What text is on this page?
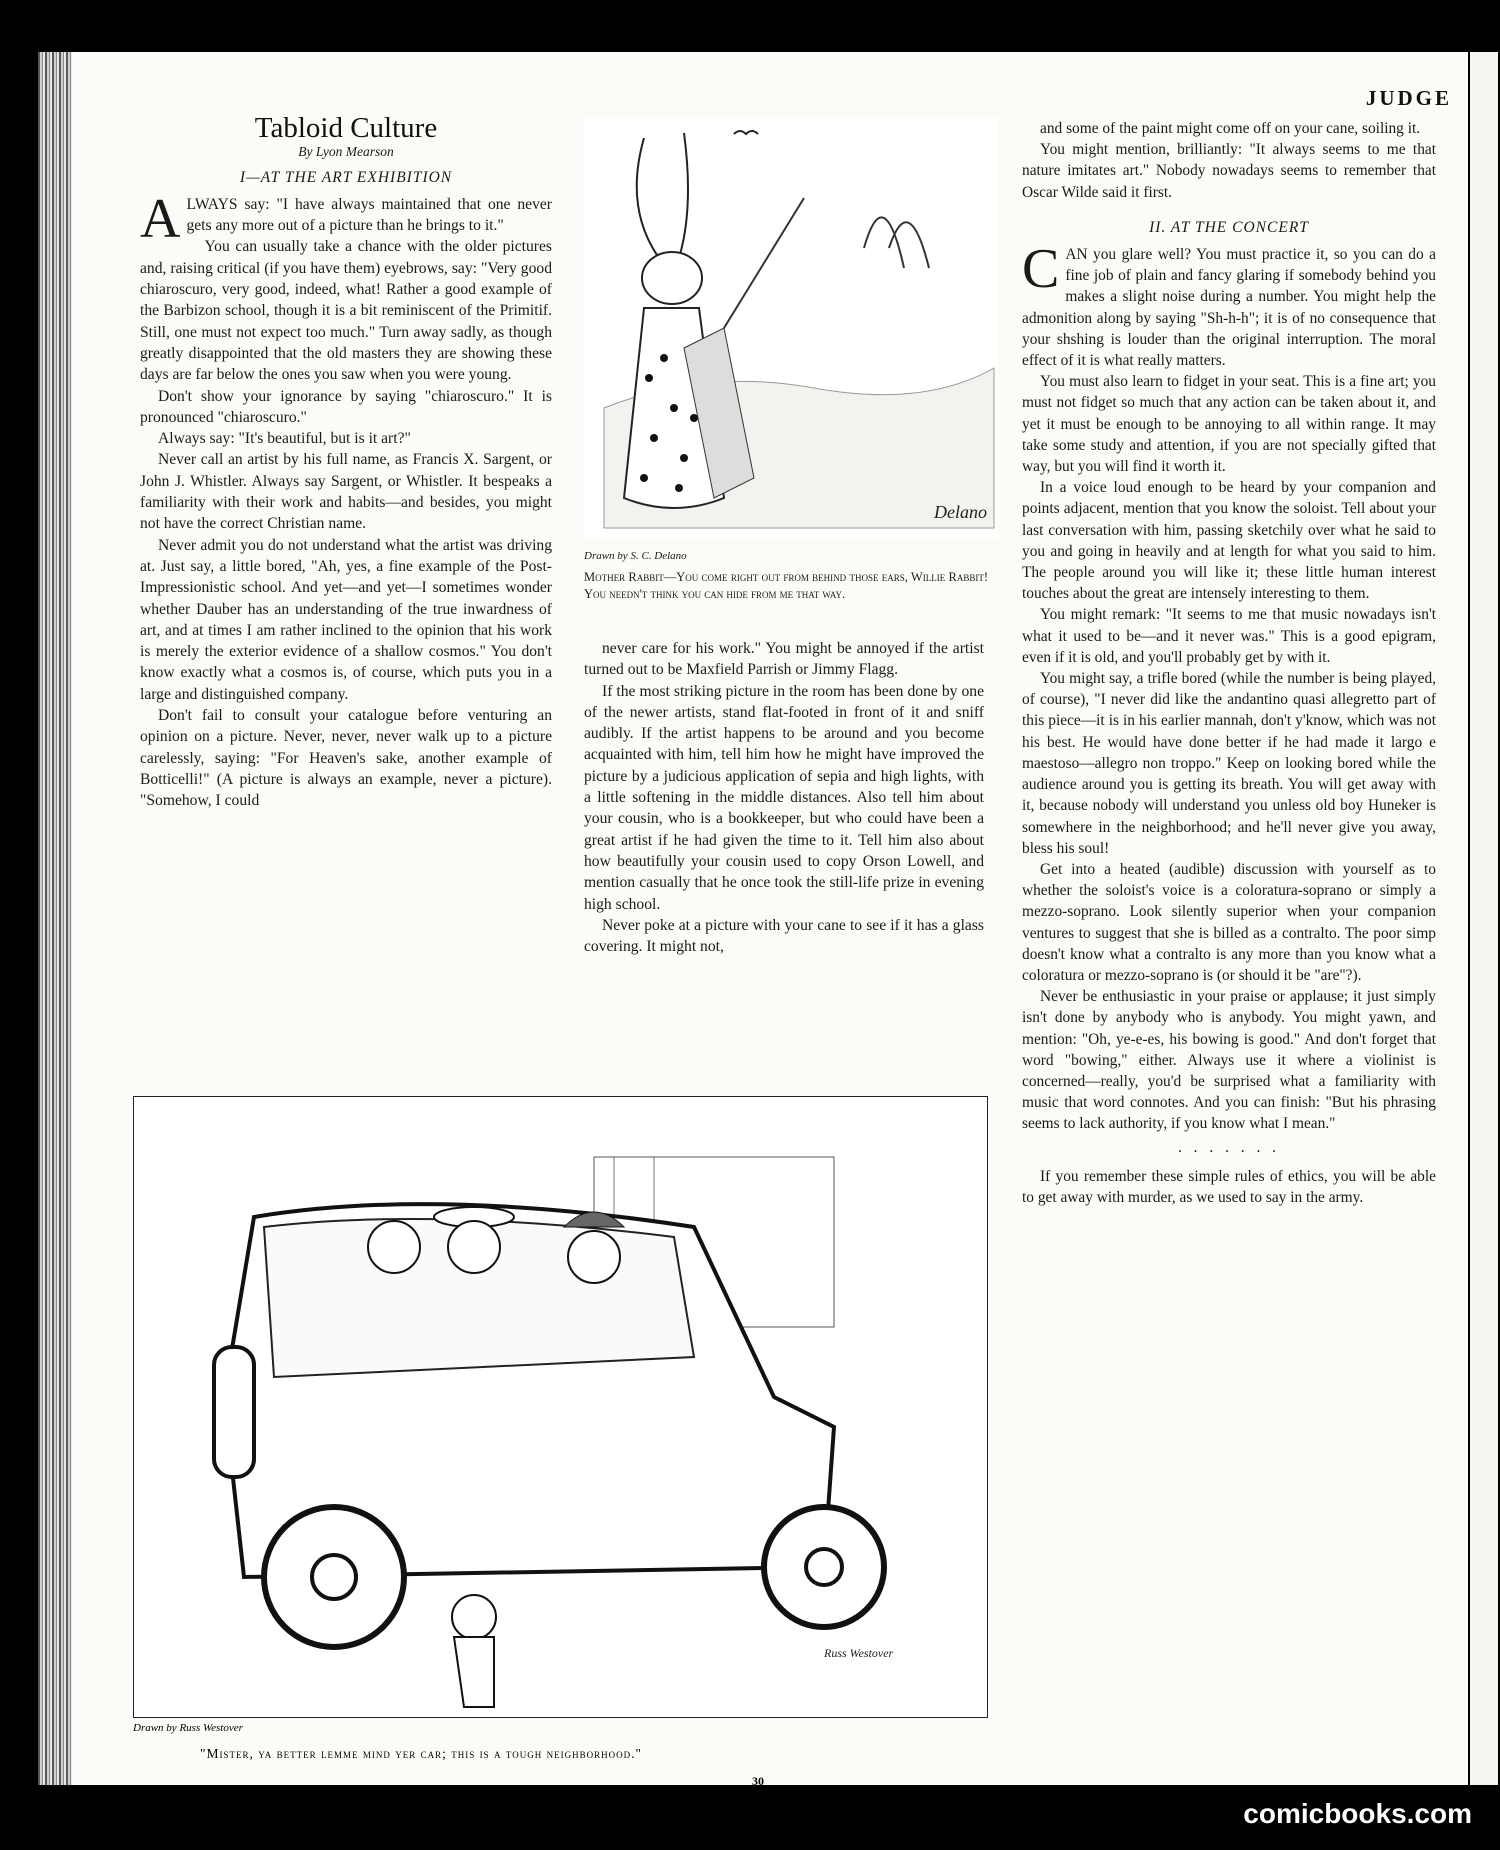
JUDGE
Tabloid Culture
By Lyon Mearson
I—AT THE ART EXHIBITION

ALWAYS say: "I have always maintained that one never gets any more out of a picture than he brings to it."

You can usually take a chance with the older pictures and, raising critical (if you have them) eyebrows, say: "Very good chiaroscuro, very good, indeed, what! Rather a good example of the Barbizon school, though it is a bit reminiscent of the Primitif. Still, one must not expect too much." Turn away sadly, as though greatly disappointed that the old masters they are showing these days are far below the ones you saw when you were young.

Don't show your ignorance by saying "chiaroscuro." It is pronounced "chiaroscuro."

Always say: "It's beautiful, but is it art?"

Never call an artist by his full name, as Francis X. Sargent, or John J. Whistler. Always say Sargent, or Whistler. It bespeaks a familiarity with their work and habits—and besides, you might not have the correct Christian name.

Never admit you do not understand what the artist was driving at. Just say, a little bored, "Ah, yes, a fine example of the Post-Impressionistic school. And yet—and yet—I sometimes wonder whether Dauber has an understanding of the true inwardness of art, and at times I am rather inclined to the opinion that his work is merely the exterior evidence of a shallow cosmos." You don't know exactly what a cosmos is, of course, which puts you in a large and distinguished company.

Don't fail to consult your catalogue before venturing an opinion on a picture. Never, never, never walk up to a picture carelessly, saying: "For Heaven's sake, another example of Botticelli!" (A picture is always an example, never a picture). "Somehow, I could

Delano
Drawn by S. C. Delano
Mother Rabbit—You come right out from behind those ears, Willie Rabbit! You needn't think you can hide from me that way.

never care for his work." You might be annoyed if the artist turned out to be Maxfield Parrish or Jimmy Flagg.

If the most striking picture in the room has been done by one of the newer artists, stand flat-footed in front of it and sniff audibly. If the artist happens to be around and you become acquainted with him, tell him how he might have improved the picture by a judicious application of sepia and high lights, with a little softening in the middle distances. Also tell him about your cousin, who is a bookkeeper, but who could have been a great artist if he had given the time to it. Tell him also about how beautifully your cousin used to copy Orson Lowell, and mention casually that he once took the still-life prize in evening high school.

Never poke at a picture with your cane to see if it has a glass covering. It might not,

and some of the paint might come off on your cane, soiling it.

You might mention, brilliantly: "It always seems to me that nature imitates art." Nobody nowadays seems to remember that Oscar Wilde said it first.

II. AT THE CONCERT

CAN you glare well? You must practice it, so you can do a fine job of plain and fancy glaring if somebody behind you makes a slight noise during a number. You might help the admonition along by saying "Sh-h-h"; it is of no consequence that your shshing is louder than the original interruption. The moral effect of it is what really matters.

You must also learn to fidget in your seat. This is a fine art; you must not fidget so much that any action can be taken about it, and yet it must be enough to be annoying to all within range. It may take some study and attention, if you are not specially gifted that way, but you will find it worth it.

In a voice loud enough to be heard by your companion and points adjacent, mention that you know the soloist. Tell about your last conversation with him, passing sketchily over what he said to you and going in heavily and at length for what you said to him. The people around you will like it; these little human interest touches about the great are intensely interesting to them.

You might remark: "It seems to me that music nowadays isn't what it used to be—and it never was." This is a good epigram, even if it is old, and you'll probably get by with it.

You might say, a trifle bored (while the number is being played, of course), "I never did like the andantino quasi allegretto part of this piece—it is in his earlier mannah, don't y'know, which was not his best. He would have done better if he had made it largo e maestoso—allegro non troppo." Keep on looking bored while the audience around you is getting its breath. You will get away with it, because nobody will understand you unless old boy Huneker is somewhere in the neighborhood; and he'll never give you away, bless his soul!

Get into a heated (audible) discussion with yourself as to whether the soloist's voice is a coloratura-soprano or simply a mezzo-soprano. Look silently superior when your companion ventures to suggest that she is billed as a contralto. The poor simp doesn't know what a contralto is any more than you know what a coloratura or mezzo-soprano is (or should it be "are"?).

Never be enthusiastic in your praise or applause; it just simply isn't done by anybody who is anybody. You might yawn, and mention: "Oh, ye-e-es, his bowing is good." And don't forget that word "bowing," either. Always use it where a violinist is concerned—really, you'd be surprised what a familiarity with music that word connotes. And you can finish: "But his phrasing seems to lack authority, if you know what I mean."

. . . . . . .

If you remember these simple rules of ethics, you will be able to get away with murder, as we used to say in the army.

Russ Westover
Drawn by Russ Westover
"Mister, ya better lemme mind yer car; this is a tough neighborhood."
30
comicbooks.com
